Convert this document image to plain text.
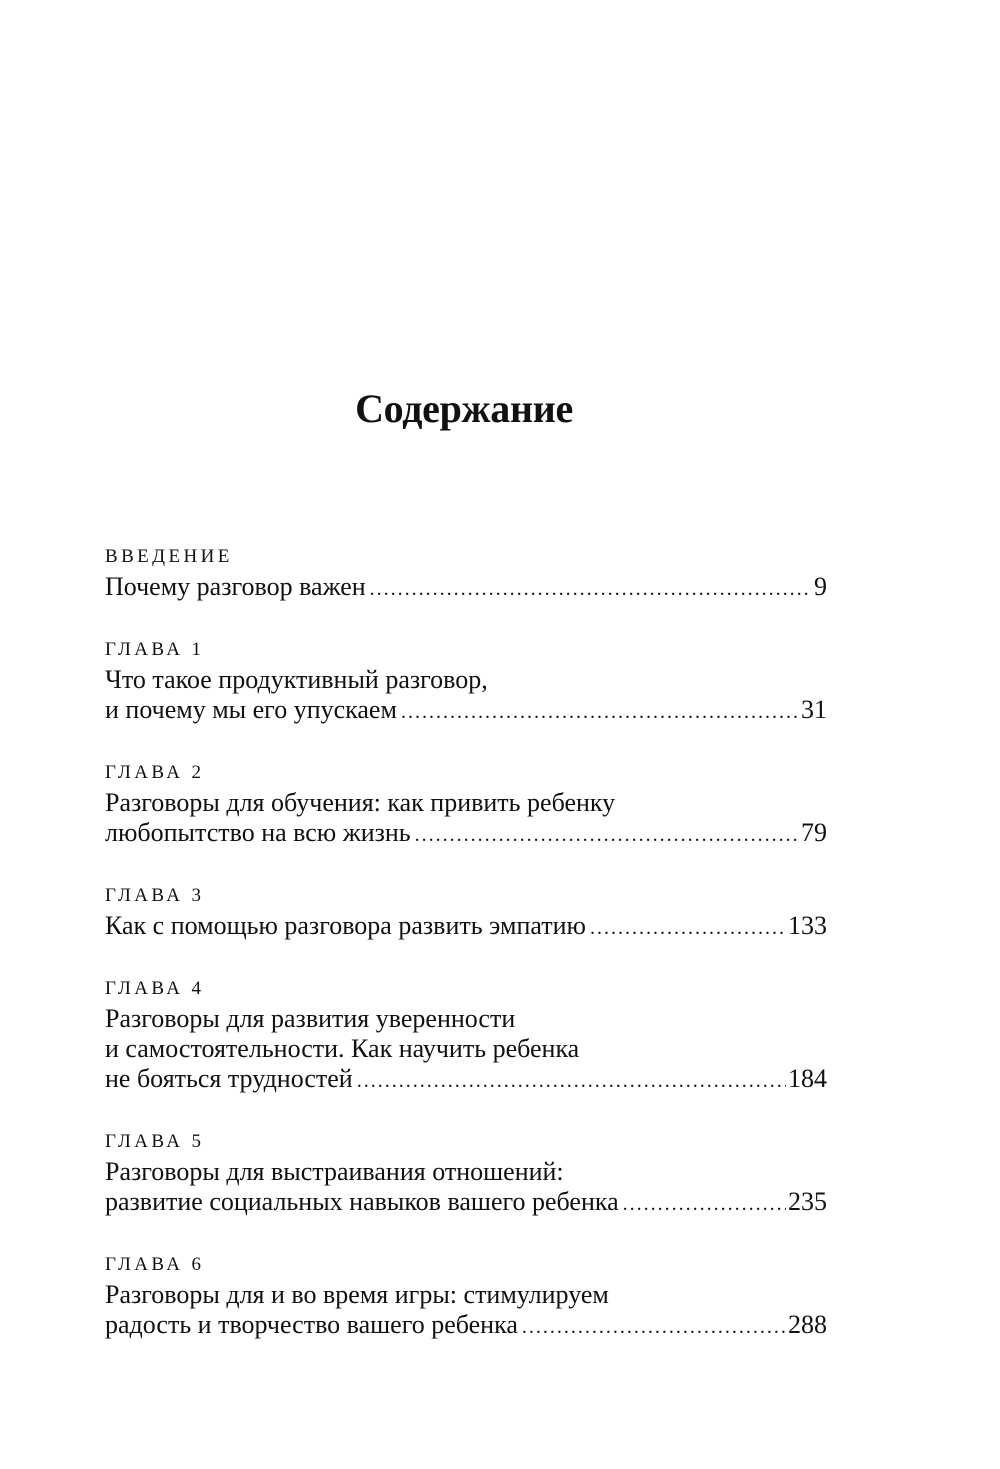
Содержание
ВВЕДЕНИЕ
Почему разговор важен .....	9
ГЛАВА 1
Что такое продуктивный разговор,
и почему мы его упускаем .....	31
ГЛАВА 2
Разговоры для обучения: как привить ребенку
любопытство на всю жизнь .....	79
ГЛАВА 3
Как с помощью разговора развить эмпатию .....	133
ГЛАВА 4
Разговоры для развития уверенности
и самостоятельности. Как научить ребенка
не бояться трудностей .....	184
ГЛАВА 5
Разговоры для выстраивания отношений:
развитие социальных навыков вашего ребенка .....	235
ГЛАВА 6
Разговоры для и во время игры: стимулируем
радость и творчество вашего ребенка .....	288
